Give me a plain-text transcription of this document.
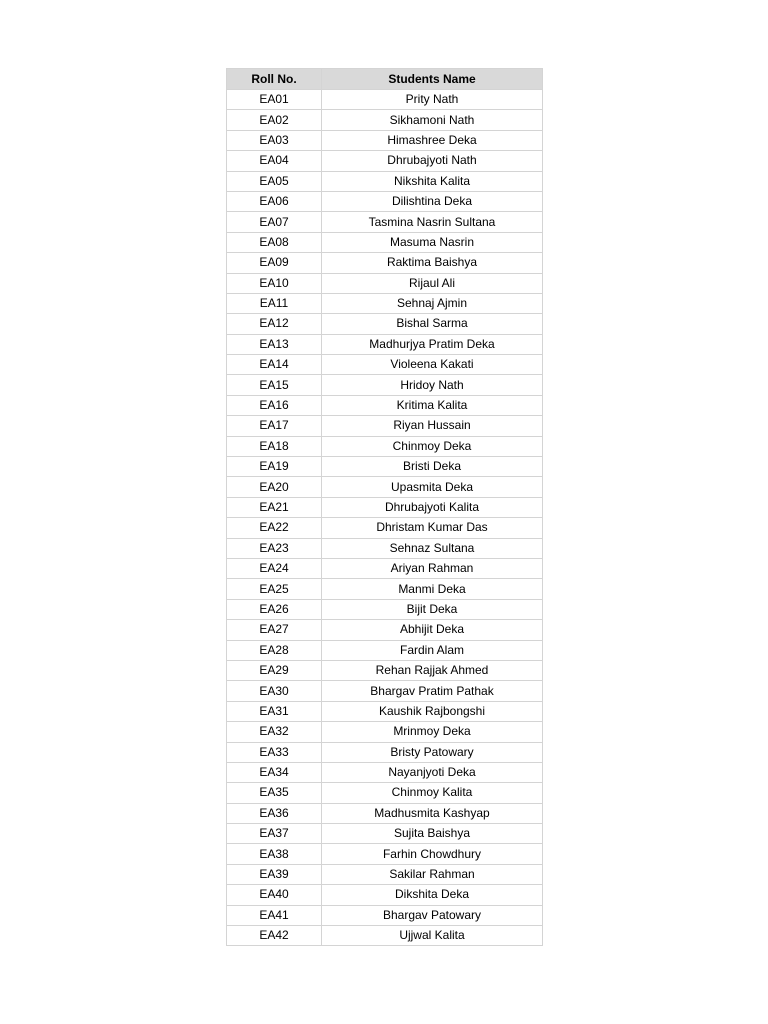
Roll No.	Students Name
EA01	Prity Nath
EA02	Sikhamoni Nath
EA03	Himashree Deka
EA04	Dhrubajyoti Nath
EA05	Nikshita Kalita
EA06	Dilishtina Deka
EA07	Tasmina Nasrin Sultana
EA08	Masuma Nasrin
EA09	Raktima Baishya
EA10	Rijaul Ali
EA11	Sehnaj Ajmin
EA12	Bishal Sarma
EA13	Madhurjya Pratim Deka
EA14	Violeena Kakati
EA15	Hridoy Nath
EA16	Kritima Kalita
EA17	Riyan Hussain
EA18	Chinmoy Deka
EA19	Bristi Deka
EA20	Upasmita Deka
EA21	Dhrubajyoti Kalita
EA22	Dhristam Kumar Das
EA23	Sehnaz Sultana
EA24	Ariyan Rahman
EA25	Manmi Deka
EA26	Bijit Deka
EA27	Abhijit Deka
EA28	Fardin Alam
EA29	Rehan Rajjak Ahmed
EA30	Bhargav Pratim Pathak
EA31	Kaushik Rajbongshi
EA32	Mrinmoy Deka
EA33	Bristy Patowary
EA34	Nayanjyoti Deka
EA35	Chinmoy Kalita
EA36	Madhusmita Kashyap
EA37	Sujita Baishya
EA38	Farhin Chowdhury
EA39	Sakilar Rahman
EA40	Dikshita Deka
EA41	Bhargav Patowary
EA42	Ujjwal Kalita
